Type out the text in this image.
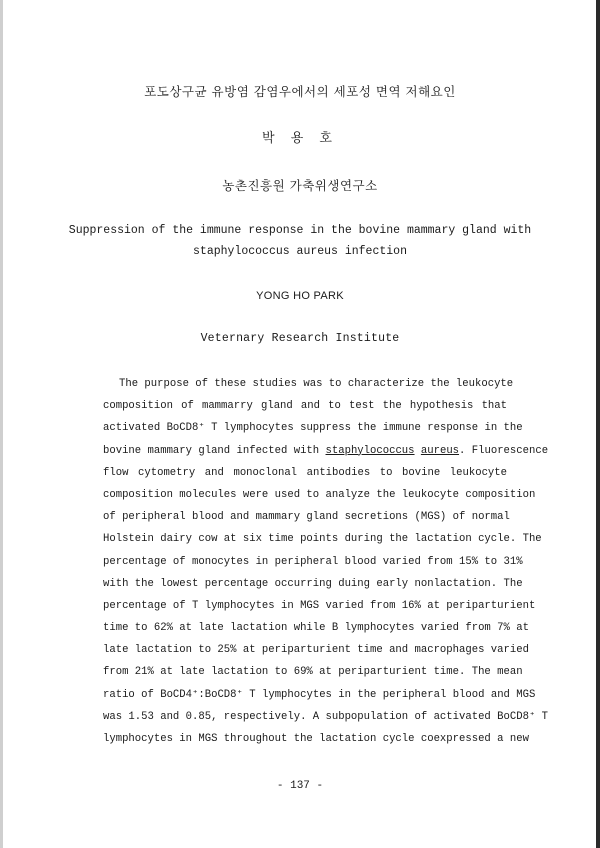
포도상구균 유방염 감염우에서의 세포성 면역 저해요인
박 용 호
농촌진흥원 가축위생연구소
Suppression of the immune response in the bovine mammary gland with
staphylococcus aureus infection
YONG HO PARK
Veternary Research Institute
The purpose of these studies was to characterize the leukocyte
composition of mammarry gland and to test the hypothesis that
activated BoCD8⁺ T lymphocytes suppress the immune response in the
bovine mammary gland infected with staphylococcus aureus. Fluorescence
flow cytometry and monoclonal antibodies to bovine leukocyte
composition molecules were used to analyze the leukocyte composition
of peripheral blood and mammary gland secretions (MGS) of normal
Holstein dairy cow at six time points during the lactation cycle. The
percentage of monocytes in peripheral blood varied from 15% to 31%
with the lowest percentage occurring duing early nonlactation. The
percentage of T lymphocytes in MGS varied from 16% at periparturient
time to 62% at late lactation while B lymphocytes varied from 7% at
late lactation to 25% at periparturient time and macrophages varied
from 21% at late lactation to 69% at periparturient time. The mean
ratio of BoCD4⁺:BoCD8⁺ T lymphocytes in the peripheral blood and MGS
was 1.53 and 0.85, respectively. A subpopulation of activated BoCD8⁺ T
lymphocytes in MGS throughout the lactation cycle coexpressed a new
- 137 -
